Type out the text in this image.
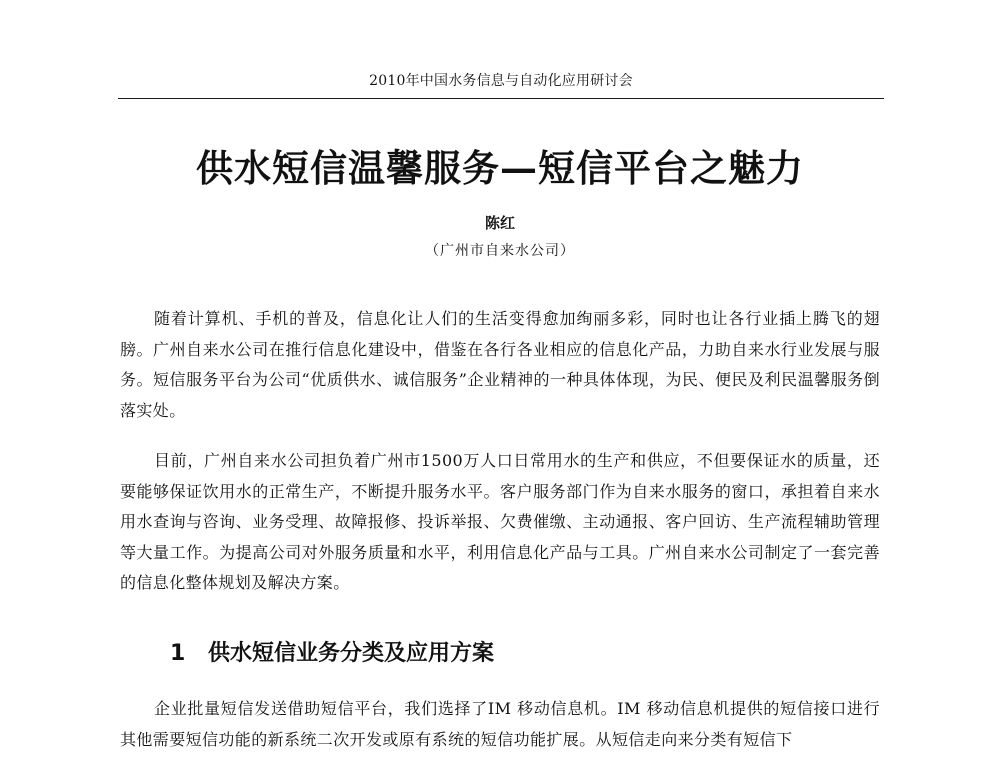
2010年中国水务信息与自动化应用研讨会
供水短信温馨服务—短信平台之魅力
陈红
（广州市自来水公司）

随着计算机、手机的普及，信息化让人们的生活变得愈加绚丽多彩，同时也让各行业插上腾飞的翅膀。广州自来水公司在推行信息化建设中，借鉴在各行各业相应的信息化产品，力助自来水行业发展与服务。短信服务平台为公司“优质供水、诚信服务”企业精神的一种具体体现，为民、便民及利民温馨服务倒落实处。

目前，广州自来水公司担负着广州市1500万人口日常用水的生产和供应，不但要保证水的质量，还要能够保证饮用水的正常生产，不断提升服务水平。客户服务部门作为自来水服务的窗口，承担着自来水用水查询与咨询、业务受理、故障报修、投诉举报、欠费催缴、主动通报、客户回访、生产流程辅助管理等大量工作。为提高公司对外服务质量和水平，利用信息化产品与工具。广州自来水公司制定了一套完善的信息化整体规划及解决方案。

1 供水短信业务分类及应用方案

企业批量短信发送借助短信平台，我们选择了IM 移动信息机。IM 移动信息机提供的短信接口进行其他需要短信功能的新系统二次开发或原有系统的短信功能扩展。从短信走向来分类有短信下
